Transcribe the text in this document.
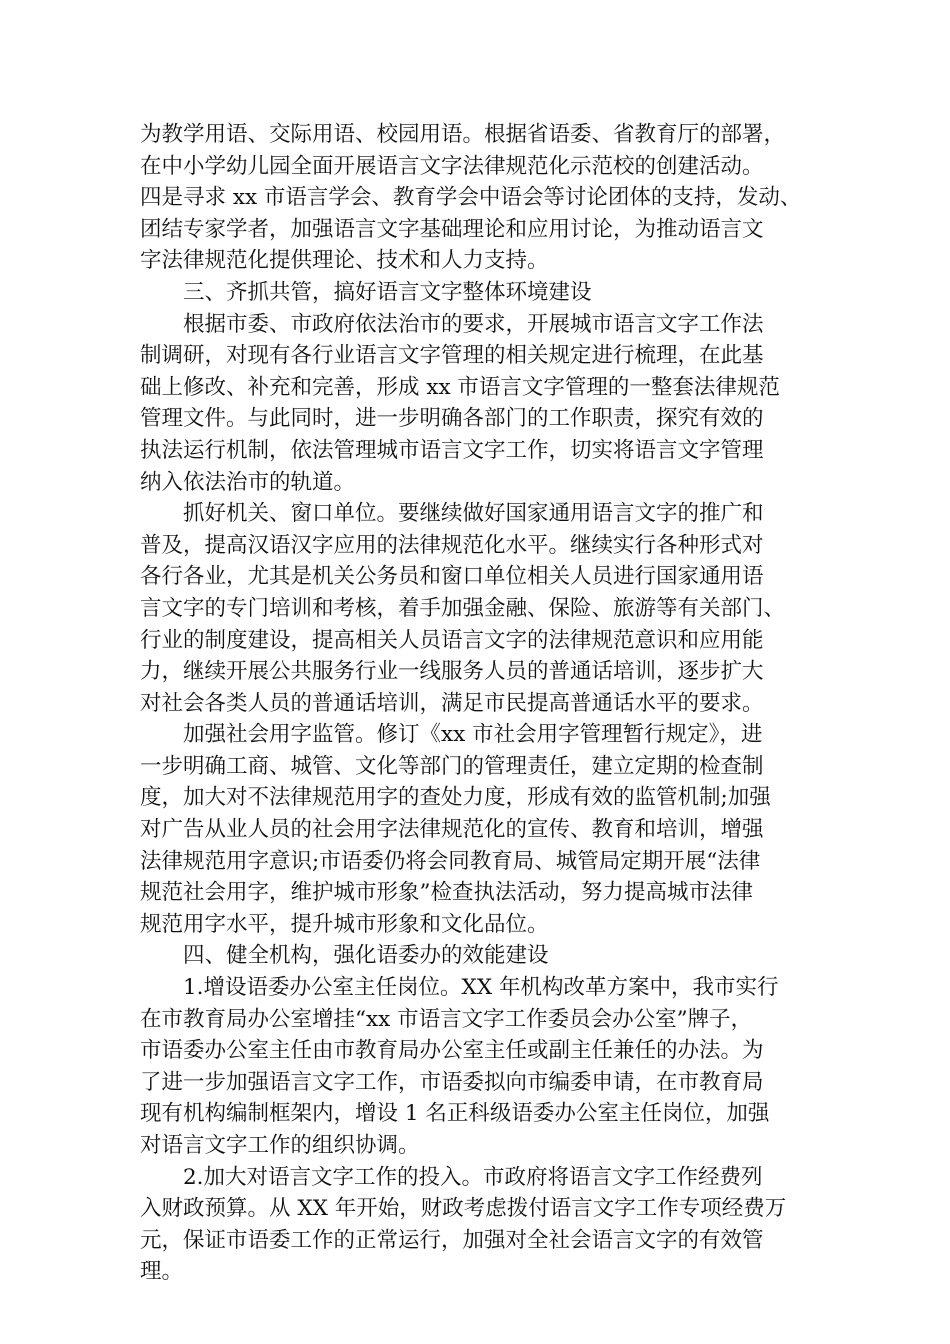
为教学用语、交际用语、校园用语。根据省语委、省教育厅的部署，
在中小学幼儿园全面开展语言文字法律规范化示范校的创建活动。
四是寻求 xx 市语言学会、教育学会中语会等讨论团体的支持，发动、
团结专家学者，加强语言文字基础理论和应用讨论，为推动语言文
字法律规范化提供理论、技术和人力支持。
　　三、齐抓共管，搞好语言文字整体环境建设
　　根据市委、市政府依法治市的要求，开展城市语言文字工作法
制调研，对现有各行业语言文字管理的相关规定进行梳理，在此基
础上修改、补充和完善，形成 xx 市语言文字管理的一整套法律规范
管理文件。与此同时，进一步明确各部门的工作职责，探究有效的
执法运行机制，依法管理城市语言文字工作，切实将语言文字管理
纳入依法治市的轨道。
　　抓好机关、窗口单位。要继续做好国家通用语言文字的推广和
普及，提高汉语汉字应用的法律规范化水平。继续实行各种形式对
各行各业，尤其是机关公务员和窗口单位相关人员进行国家通用语
言文字的专门培训和考核，着手加强金融、保险、旅游等有关部门、
行业的制度建设，提高相关人员语言文字的法律规范意识和应用能
力，继续开展公共服务行业一线服务人员的普通话培训，逐步扩大
对社会各类人员的普通话培训，满足市民提高普通话水平的要求。
　　加强社会用字监管。修订《xx 市社会用字管理暂行规定》，进
一步明确工商、城管、文化等部门的管理责任，建立定期的检查制
度，加大对不法律规范用字的查处力度，形成有效的监管机制;加强
对广告从业人员的社会用字法律规范化的宣传、教育和培训，增强
法律规范用字意识;市语委仍将会同教育局、城管局定期开展“法律
规范社会用字，维护城市形象”检查执法活动，努力提高城市法律
规范用字水平，提升城市形象和文化品位。
　　四、健全机构，强化语委办的效能建设
　　1.增设语委办公室主任岗位。XX 年机构改革方案中，我市实行
在市教育局办公室增挂“xx 市语言文字工作委员会办公室”牌子，
市语委办公室主任由市教育局办公室主任或副主任兼任的办法。为
了进一步加强语言文字工作，市语委拟向市编委申请，在市教育局
现有机构编制框架内，增设 1 名正科级语委办公室主任岗位，加强
对语言文字工作的组织协调。
　　2.加大对语言文字工作的投入。市政府将语言文字工作经费列
入财政预算。从 XX 年开始，财政考虑拨付语言文字工作专项经费万
元，保证市语委工作的正常运行，加强对全社会语言文字的有效管
理。
